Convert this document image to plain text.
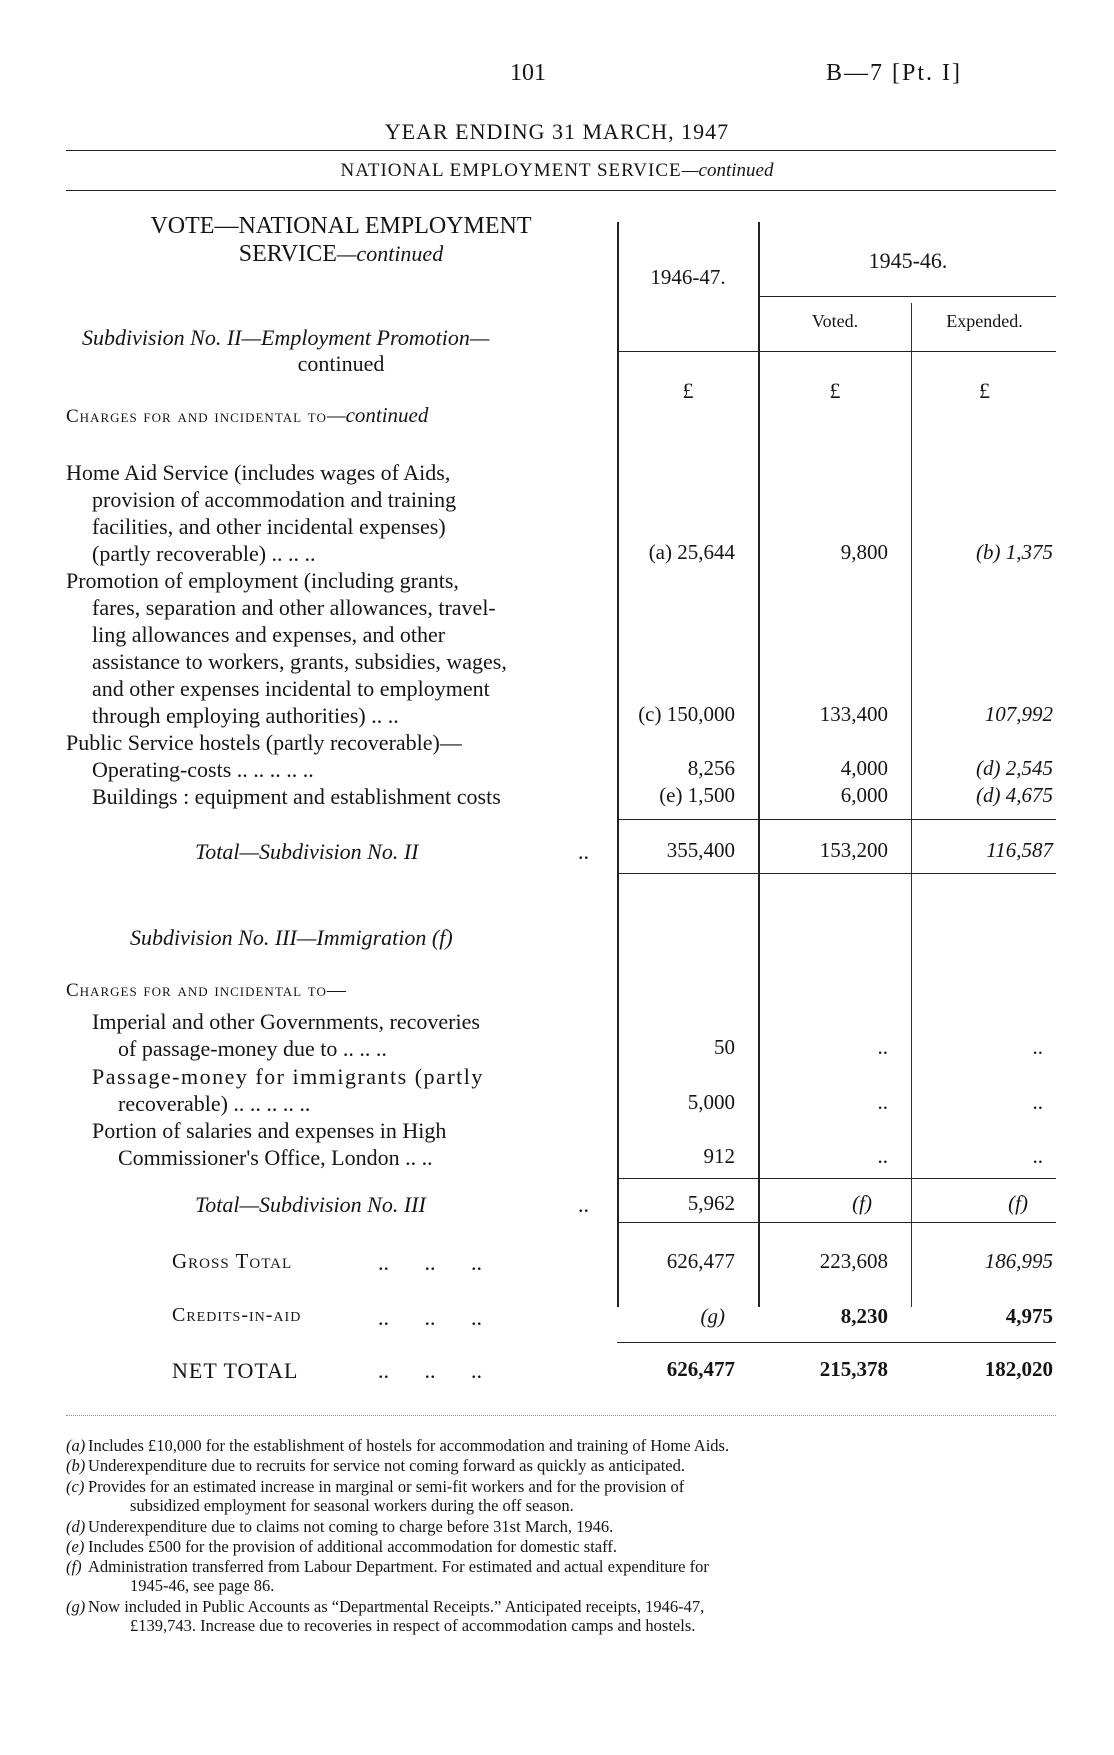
101	B—7 [Pt. I]
YEAR ENDING 31 MARCH, 1947
NATIONAL EMPLOYMENT SERVICE—continued
VOTE—NATIONAL EMPLOYMENT
SERVICE—continued
1946-47.
1945-46.
Voted.	Expended.
£	£	£
Subdivision No. II—Employment Promotion—
continued
Charges for and incidental to—continued
Home Aid Service (includes wages of Aids,
provision of accommodation and training
facilities, and other incidental expenses)
(partly recoverable) .. .. ..	(a) 25,644	9,800	(b) 1,375
Promotion of employment (including grants,
fares, separation and other allowances, travel-
ling allowances and expenses, and other
assistance to workers, grants, subsidies, wages,
and other expenses incidental to employment
through employing authorities) .. ..	(c) 150,000	133,400	107,992
Public Service hostels (partly recoverable)—
Operating-costs .. .. .. .. ..	8,256	4,000	(d) 2,545
Buildings : equipment and establishment costs	(e) 1,500	6,000	(d) 4,675
Total—Subdivision No. II	..	355,400	153,200	116,587
Subdivision No. III—Immigration (f)
Charges for and incidental to—
Imperial and other Governments, recoveries
of passage-money due to .. .. ..	50	..	..
Passage-money for immigrants (partly
recoverable) .. .. .. .. ..	5,000	..	..
Portion of salaries and expenses in High
Commissioner's Office, London .. ..	912	..	..
Total—Subdivision No. III	..	5,962	(f)	(f)
Gross Total	.. .. ..	626,477	223,608	186,995
Credits-in-aid	.. .. ..	(g)	8,230	4,975
NET TOTAL	.. .. ..	626,477	215,378	182,020
(a) Includes £10,000 for the establishment of hostels for accommodation and training of Home Aids.
(b) Underexpenditure due to recruits for service not coming forward as quickly as anticipated.
(c) Provides for an estimated increase in marginal or semi-fit workers and for the provision of
subsidized employment for seasonal workers during the off season.
(d) Underexpenditure due to claims not coming to charge before 31st March, 1946.
(e) Includes £500 for the provision of additional accommodation for domestic staff.
(f) Administration transferred from Labour Department. For estimated and actual expenditure for
1945-46, see page 86.
(g) Now included in Public Accounts as “Departmental Receipts.” Anticipated receipts, 1946-47,
£139,743. Increase due to recoveries in respect of accommodation camps and hostels.
